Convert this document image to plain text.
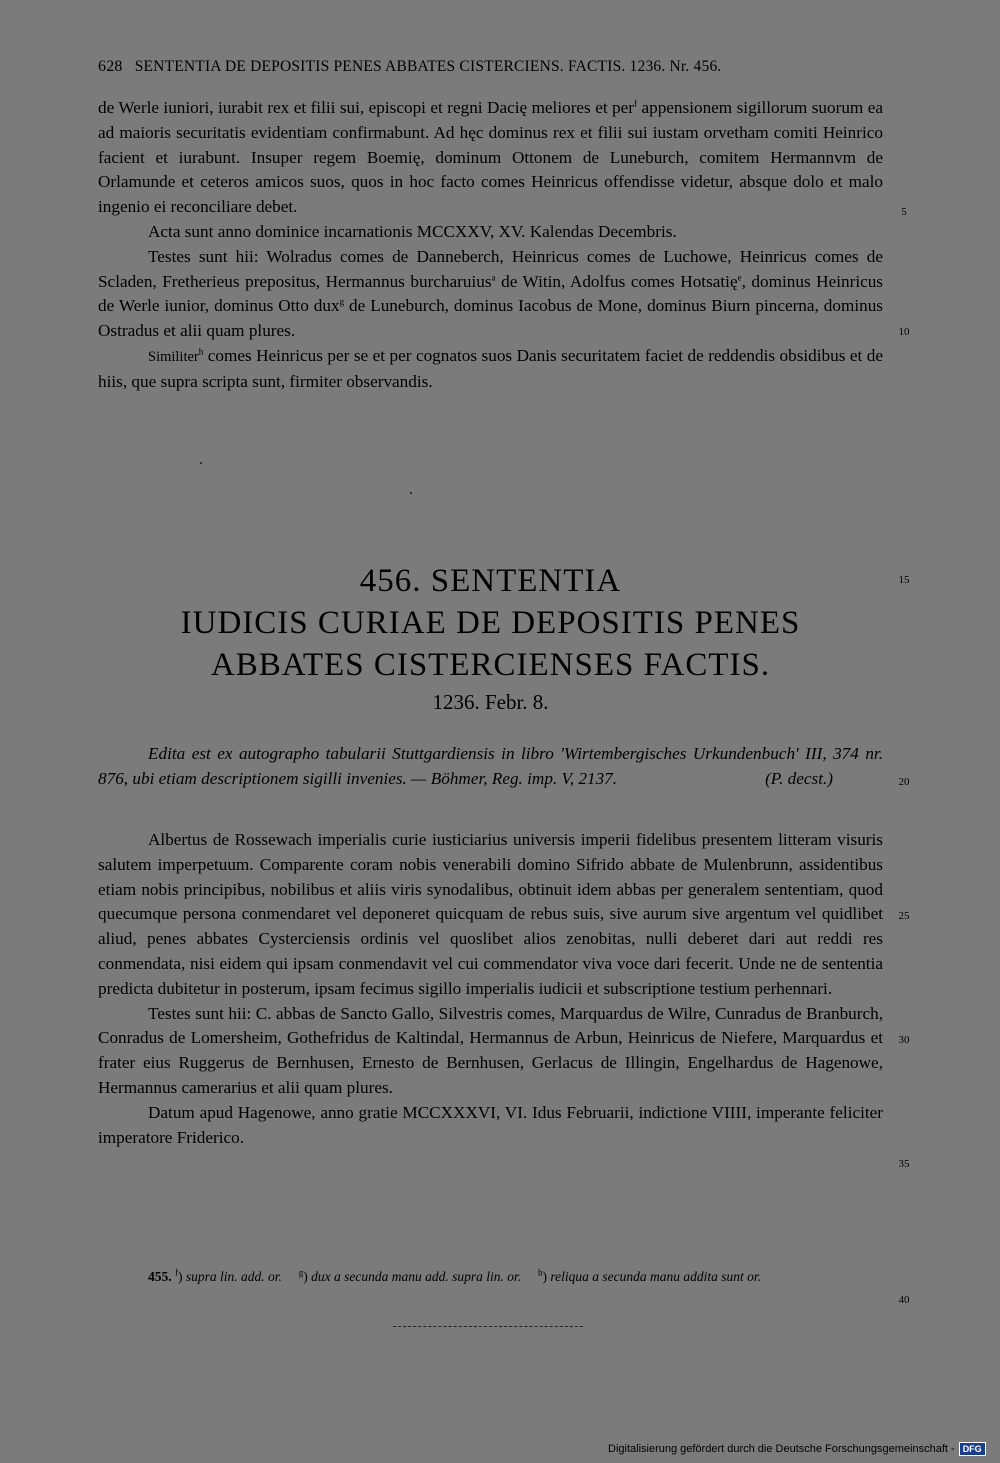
628 SENTENTIA DE DEPOSITIS PENES ABBATES CISTERCIENS. FACTIS. 1236. Nr. 456.

de Werle iuniori, iurabit rex et filii sui, episcopi et regni Dacię meliores et per$^f$ appensionem sigillorum suorum ea ad maioris securitatis evidentiam confirmabunt. Ad hęc dominus rex et filii sui iustam orvetham comiti Heinrico facient et iurabunt. Insuper regem Boemię, dominum Ottonem de Luneburch, comitem Hermannvm de Orlamunde et ceteros amicos suos, quos in hoc facto comes Heinricus offendisse videtur, absque dolo et malo ingenio ei reconciliare debet.

Acta sunt anno dominice incarnationis MCCXXV, XV. Kalendas Decembris.

Testes sunt hii: Wolradus comes de Danneberch, Heinricus comes de Luchowe, Heinricus comes de Scladen, Fretherieus prepositus, Hermannus burcharuius$^a$ de Witin, Adolfus comes Hotsatię$^e$, dominus Heinricus de Werle iunior, dominus Otto dux$^g$ de Luneburch, dominus Iacobus de Mone, dominus Biurn pincerna, dominus Ostradus et alii quam plures.

Similiter$^h$ comes Heinricus per se et per cognatos suos Danis securitatem faciet de reddendis obsidibus et de hiis, que supra scripta sunt, firmiter observandis.

456. SENTENTIA
IUDICIS CURIAE DE DEPOSITIS PENES
ABBATES CISTERCIENSES FACTIS.
1236. Febr. 8.

Edita est ex autographo tabularii Stuttgardiensis in libro 'Wirtembergisches Urkundenbuch' III, 374 nr. 876, ubi etiam descriptionem sigilli invenies. — Böhmer, Reg. imp. V, 2137.	(P. decst.)

Albertus de Rossewach imperialis curie iusticiarius universis imperii fidelibus presentem litteram visuris salutem imperpetuum. Comparente coram nobis venerabili domino Sifrido abbate de Mulenbrunn, assidentibus etiam nobis principibus, nobilibus et aliis viris synodalibus, obtinuit idem abbas per generalem sententiam, quod quecumque persona conmendaret vel deponeret quicquam de rebus suis, sive aurum sive argentum vel quidlibet aliud, penes abbates Cysterciensis ordinis vel quoslibet alios zenobitas, nulli deberet dari aut reddi res conmendata, nisi eidem qui ipsam conmendavit vel cui commendator viva voce dari fecerit. Unde ne de sententia predicta dubitetur in posterum, ipsam fecimus sigillo imperialis iudicii et subscriptione testium perhennari.

Testes sunt hii: C. abbas de Sancto Gallo, Silvestris comes, Marquardus de Wilre, Cunradus de Branburch, Conradus de Lomersheim, Gothefridus de Kaltindal, Hermannus de Arbun, Heinricus de Niefere, Marquardus et frater eius Ruggerus de Bernhusen, Ernesto de Bernhusen, Gerlacus de Illingin, Engelhardus de Hagenowe, Hermannus camerarius et alii quam plures.

Datum apud Hagenowe, anno gratie MCCXXXVI, VI. Idus Februarii, indictione VIIII, imperante feliciter imperatore Friderico.

455. $^f$) supra lin. add. or. $^g$) dux a secunda manu add. supra lin. or. $^h$) reliqua a secunda manu addita sunt or.
5
10
15
20
25
30
35
40
Digitalisierung gefördert durch die Deutsche Forschungsgemeinschaft - DFG
